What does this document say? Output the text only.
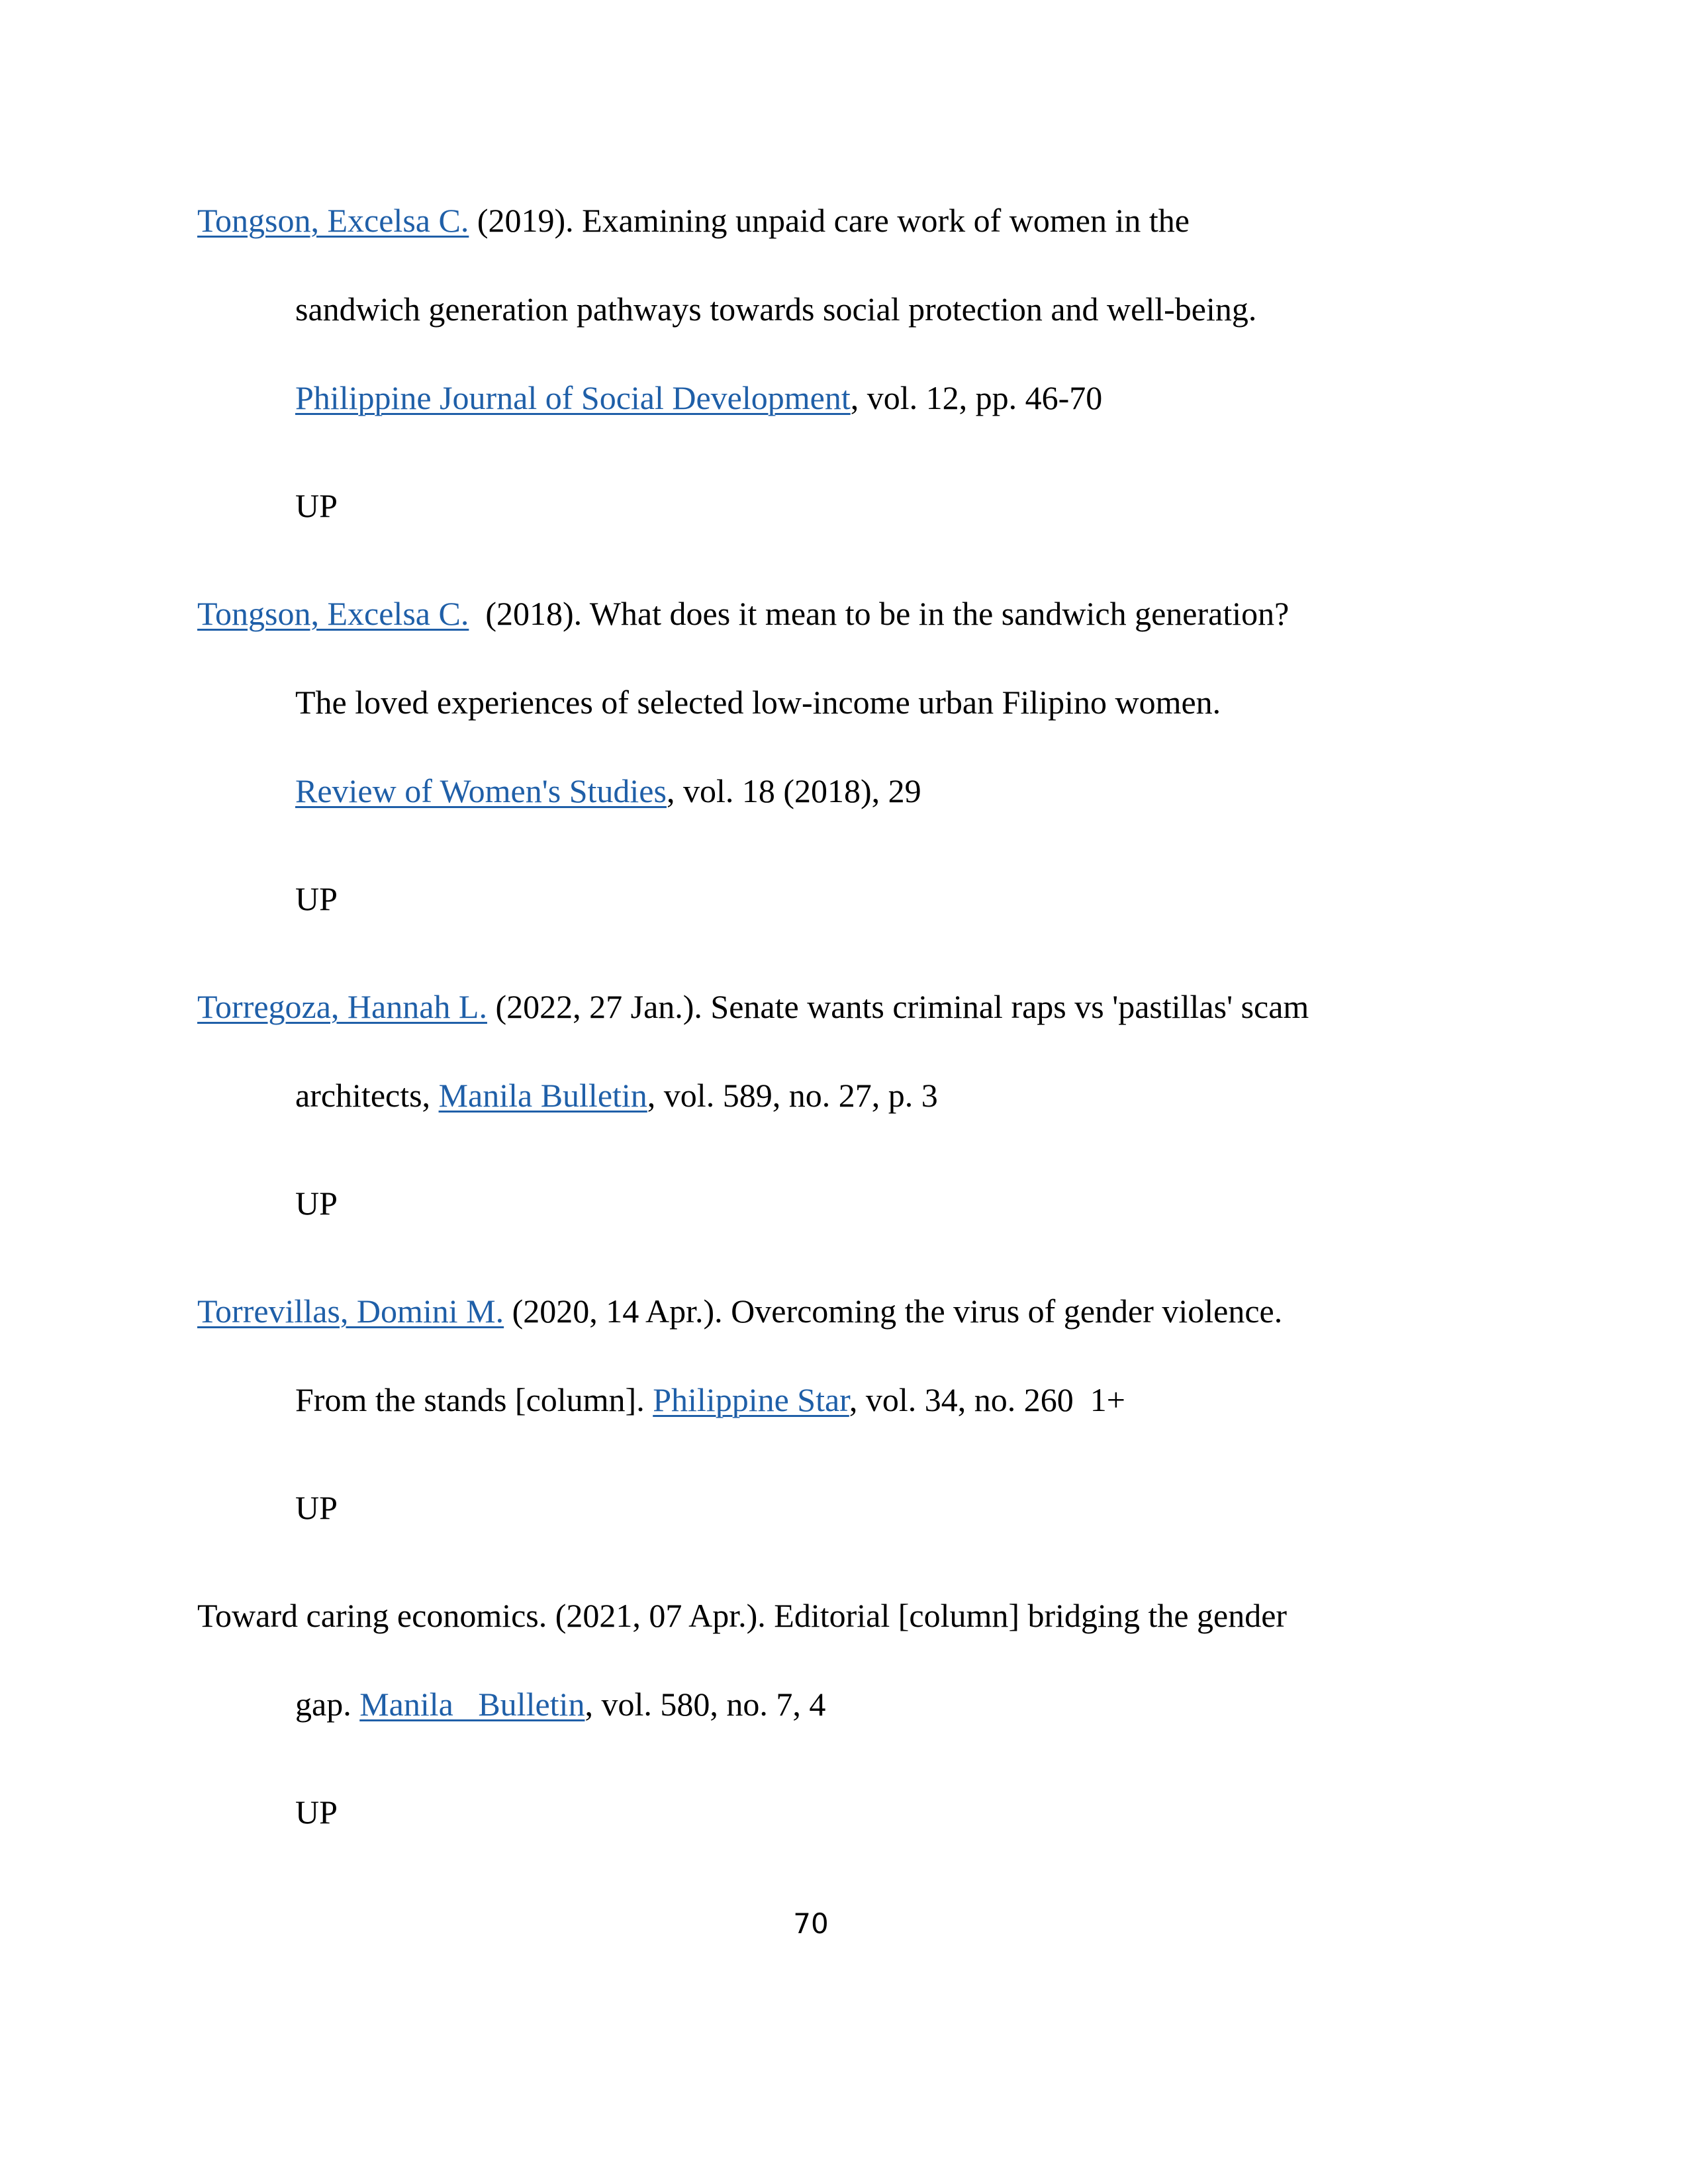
Tongson, Excelsa C. (2019). Examining unpaid care work of women in the

sandwich generation pathways towards social protection and well-being.

Philippine Journal of Social Development, vol. 12, pp. 46-70

UP

Tongson, Excelsa C.  (2018). What does it mean to be in the sandwich generation?

The loved experiences of selected low-income urban Filipino women.

Review of Women's Studies, vol. 18 (2018), 29

UP

Torregoza, Hannah L. (2022, 27 Jan.). Senate wants criminal raps vs 'pastillas' scam

architects, Manila Bulletin, vol. 589, no. 27, p. 3

UP

Torrevillas, Domini M. (2020, 14 Apr.). Overcoming the virus of gender violence.

From the stands [column]. Philippine Star, vol. 34, no. 260  1+

UP

Toward caring economics. (2021, 07 Apr.). Editorial [column] bridging the gender

gap. Manila   Bulletin, vol. 580, no. 7, 4

UP

70
